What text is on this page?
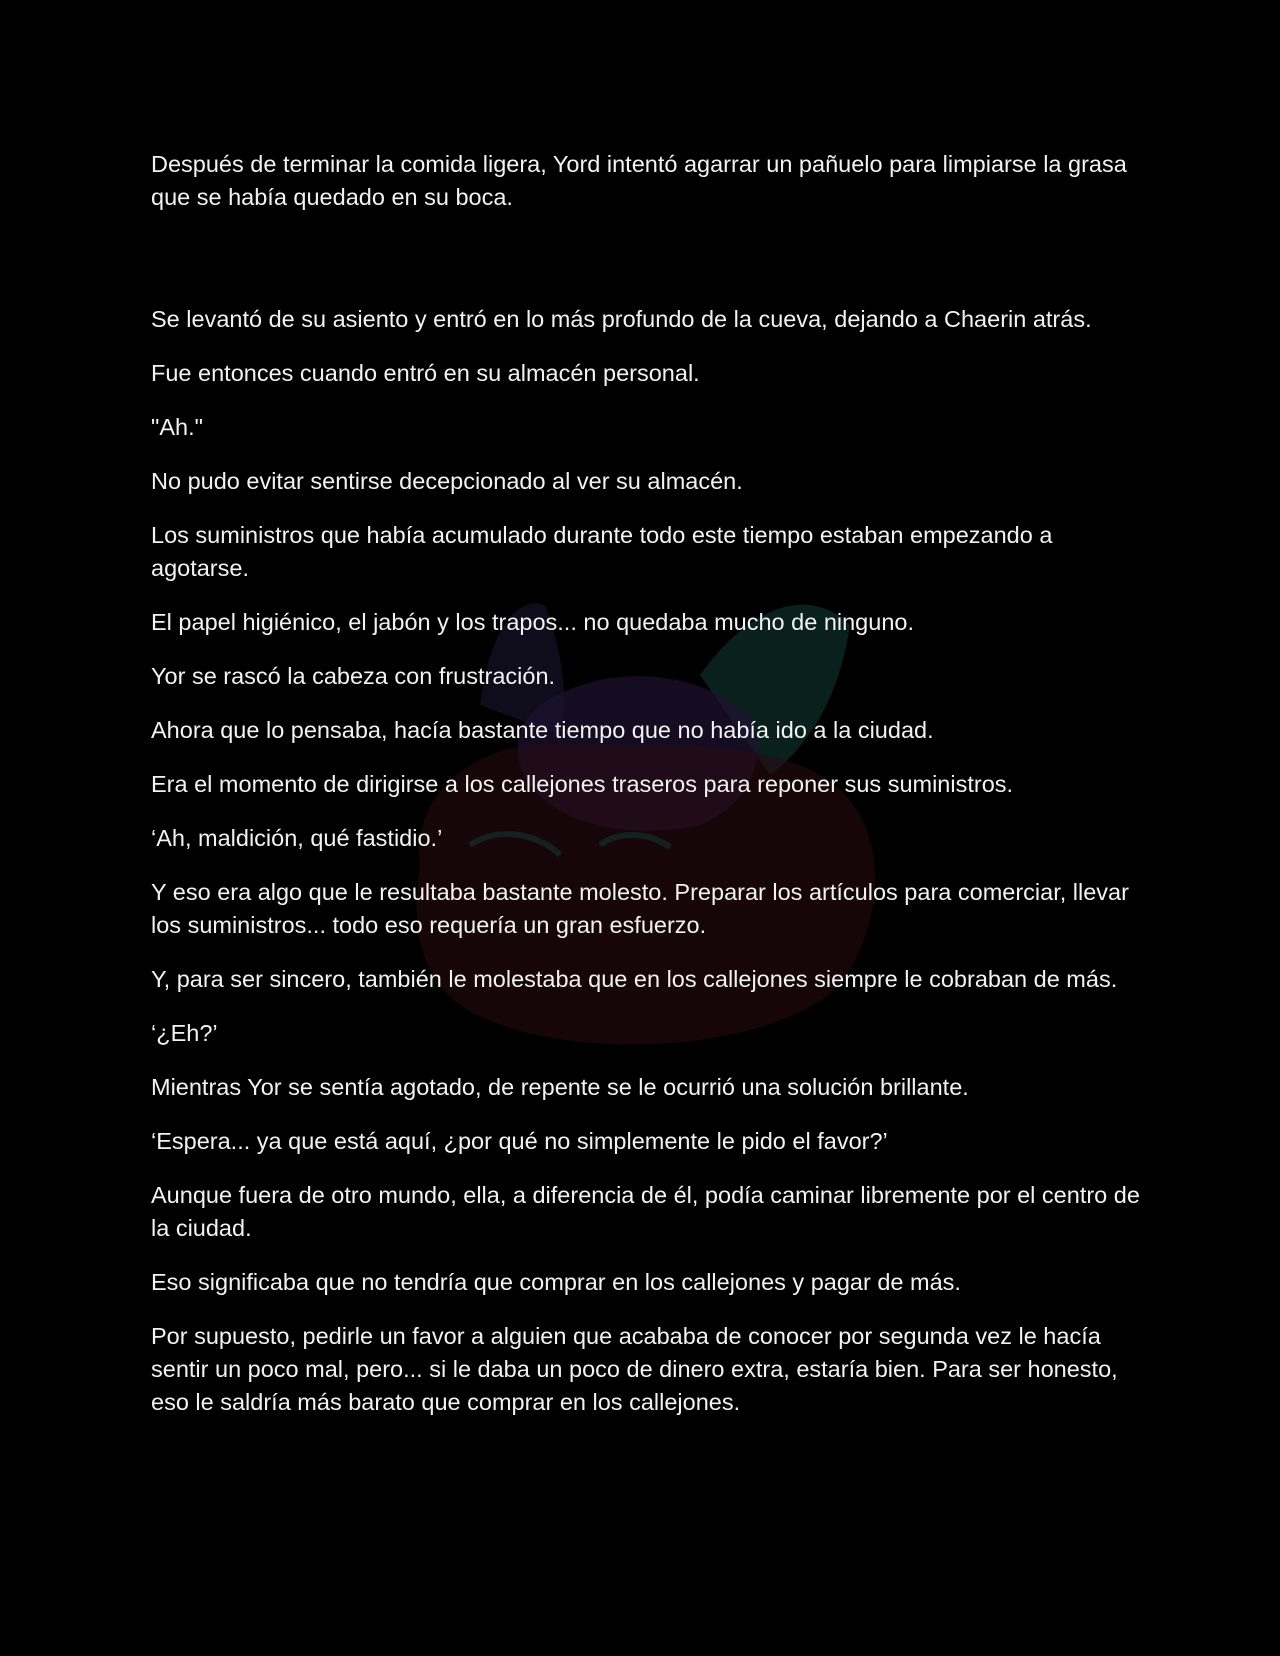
Después de terminar la comida ligera, Yord intentó agarrar un pañuelo para limpiarse la grasa que se había quedado en su boca.

Se levantó de su asiento y entró en lo más profundo de la cueva, dejando a Chaerin atrás.

Fue entonces cuando entró en su almacén personal.

"Ah."

No pudo evitar sentirse decepcionado al ver su almacén.

Los suministros que había acumulado durante todo este tiempo estaban empezando a agotarse.

El papel higiénico, el jabón y los trapos... no quedaba mucho de ninguno.

Yor se rascó la cabeza con frustración.

Ahora que lo pensaba, hacía bastante tiempo que no había ido a la ciudad.

Era el momento de dirigirse a los callejones traseros para reponer sus suministros.

‘Ah, maldición, qué fastidio.’

Y eso era algo que le resultaba bastante molesto. Preparar los artículos para comerciar, llevar los suministros... todo eso requería un gran esfuerzo.

Y, para ser sincero, también le molestaba que en los callejones siempre le cobraban de más.

‘¿Eh?’

Mientras Yor se sentía agotado, de repente se le ocurrió una solución brillante.

‘Espera... ya que está aquí, ¿por qué no simplemente le pido el favor?’

Aunque fuera de otro mundo, ella, a diferencia de él, podía caminar libremente por el centro de la ciudad.

Eso significaba que no tendría que comprar en los callejones y pagar de más.

Por supuesto, pedirle un favor a alguien que acababa de conocer por segunda vez le hacía sentir un poco mal, pero... si le daba un poco de dinero extra, estaría bien. Para ser honesto, eso le saldría más barato que comprar en los callejones.
